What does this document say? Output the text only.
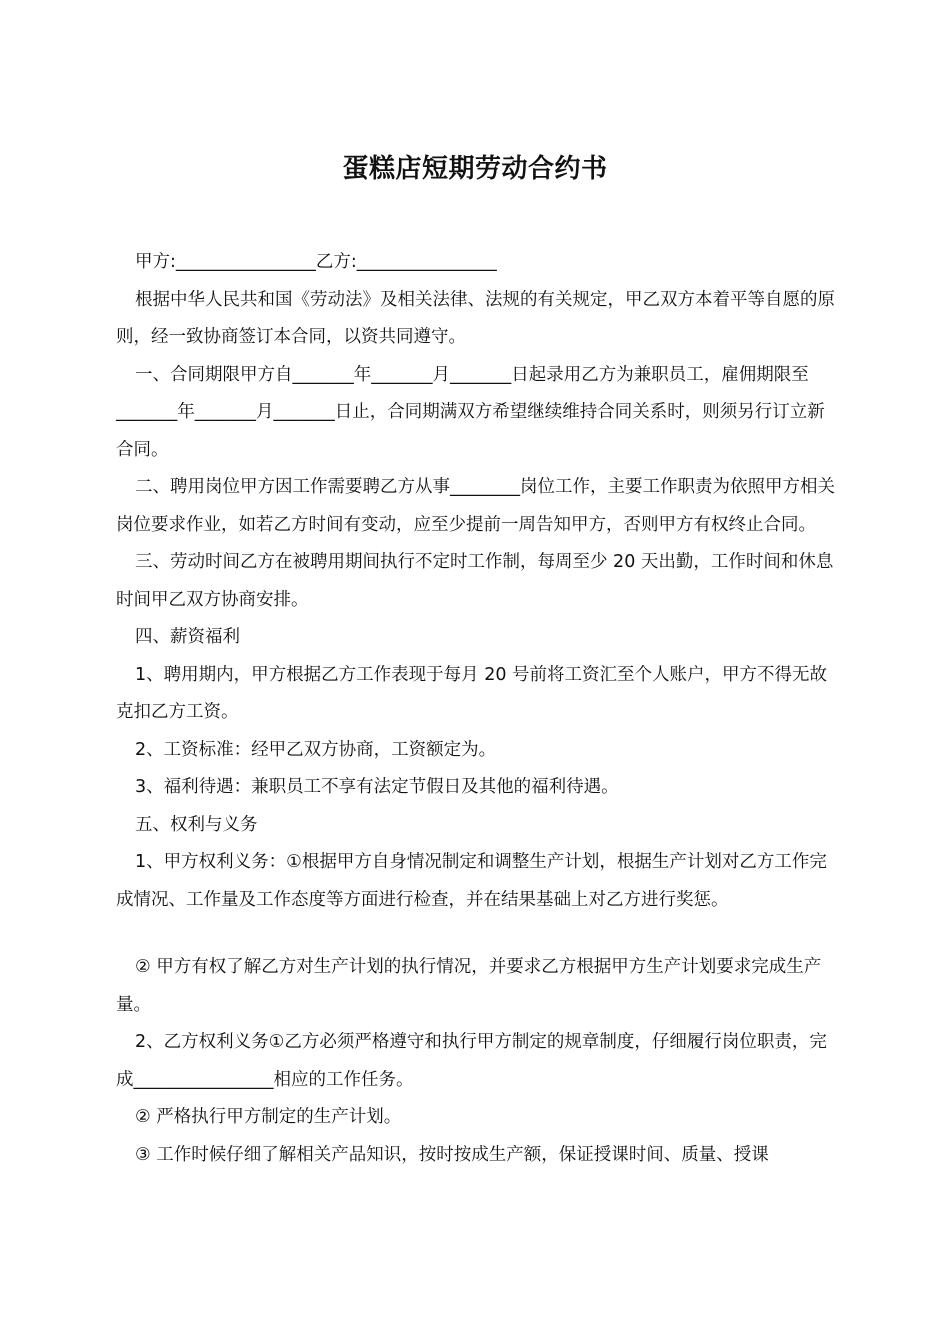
蛋糕店短期劳动合约书

甲方:________________乙方:________________

根据中华人民共和国《劳动法》及相关法律、法规的有关规定，甲乙双方本着平等自愿的原则，经一致协商签订本合同，以资共同遵守。

一、合同期限甲方自_______年_______月_______日起录用乙方为兼职员工，雇佣期限至_______年_______月_______日止，合同期满双方希望继续维持合同关系时，则须另行订立新合同。

二、聘用岗位甲方因工作需要聘乙方从事________岗位工作，主要工作职责为依照甲方相关岗位要求作业，如若乙方时间有变动，应至少提前一周告知甲方，否则甲方有权终止合同。

三、劳动时间乙方在被聘用期间执行不定时工作制，每周至少 20 天出勤，工作时间和休息时间甲乙双方协商安排。

四、薪资福利

1、聘用期内，甲方根据乙方工作表现于每月 20 号前将工资汇至个人账户，甲方不得无故克扣乙方工资。

2、工资标准：经甲乙双方协商，工资额定为。

3、福利待遇：兼职员工不享有法定节假日及其他的福利待遇。

五、权利与义务

1、甲方权利义务：①根据甲方自身情况制定和调整生产计划，根据生产计划对乙方工作完成情况、工作量及工作态度等方面进行检查，并在结果基础上对乙方进行奖惩。

② 甲方有权了解乙方对生产计划的执行情况，并要求乙方根据甲方生产计划要求完成生产量。

2、乙方权利义务①乙方必须严格遵守和执行甲方制定的规章制度，仔细履行岗位职责，完成________________相应的工作任务。

② 严格执行甲方制定的生产计划。

③ 工作时候仔细了解相关产品知识，按时按成生产额，保证授课时间、质量、授课
